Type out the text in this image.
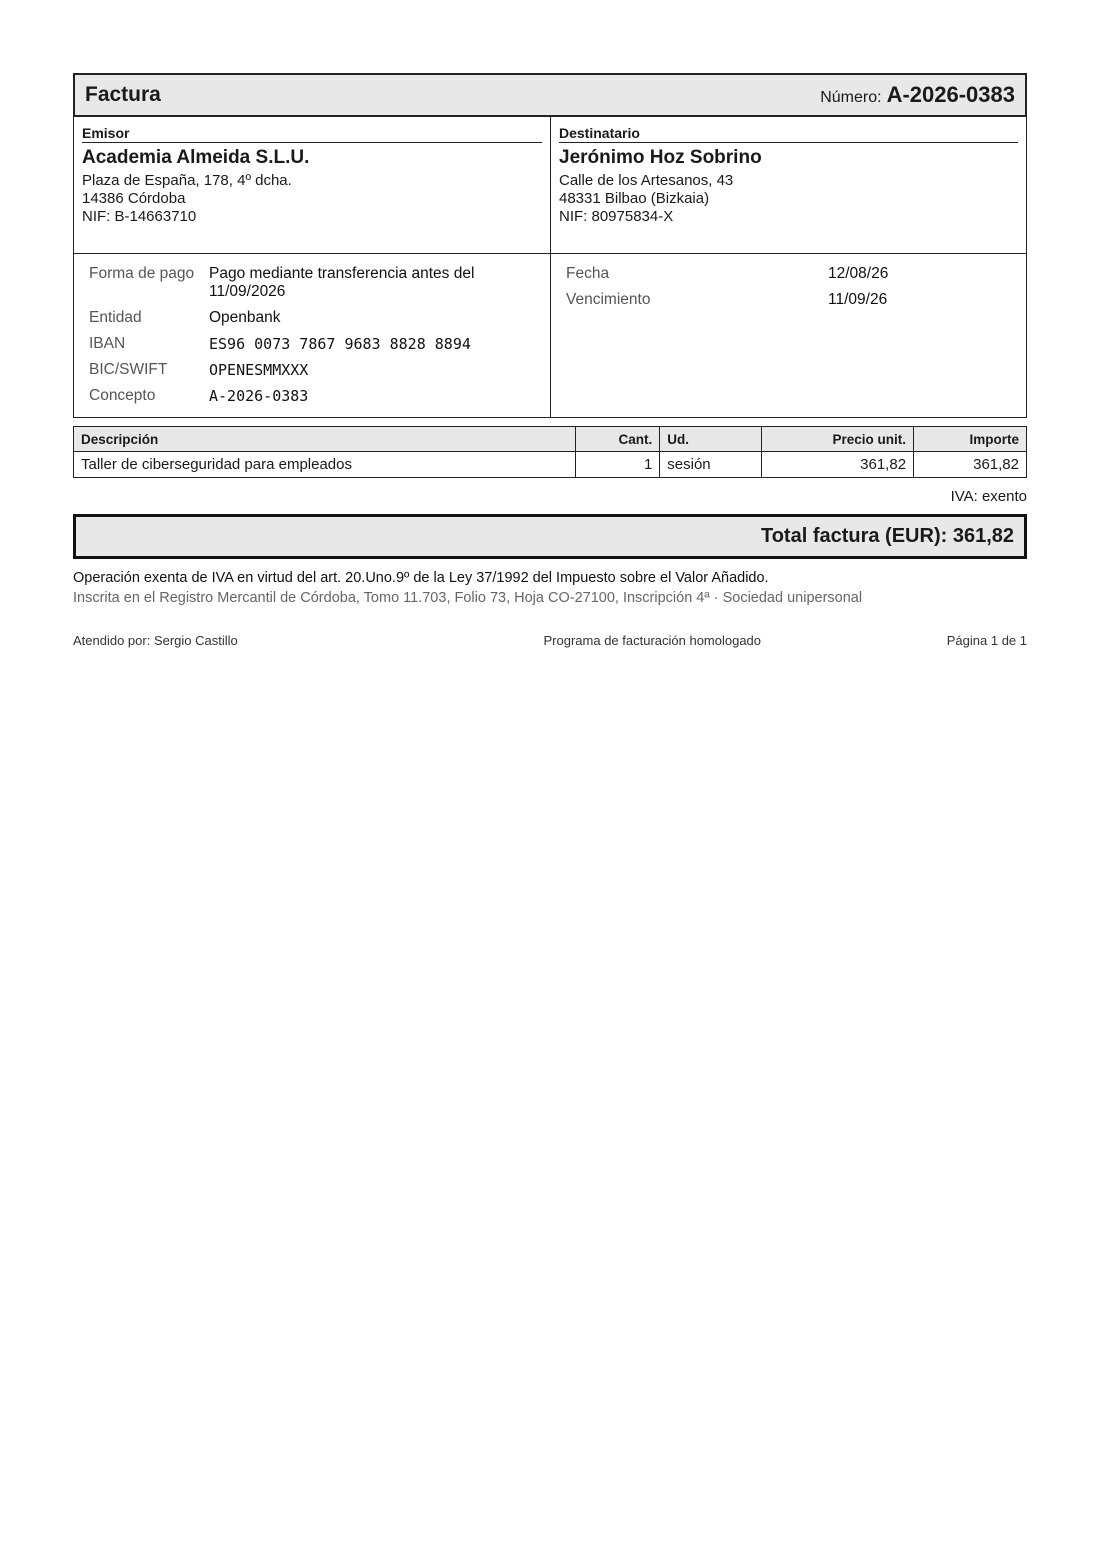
Factura	Número: A-2026-0383
Emisor
Academia Almeida S.L.U.
Plaza de España, 178, 4º dcha.
14386 Córdoba
NIF: B-14663710
Destinatario
Jerónimo Hoz Sobrino
Calle de los Artesanos, 43
48331 Bilbao (Bizkaia)
NIF: 80975834-X
Forma de pago Pago mediante transferencia antes del 11/09/2026
Entidad	Openbank
IBAN	ES96 0073 7867 9683 8828 8894
BIC/SWIFT	OPENESMMXXX
Concepto	A-2026-0383
Fecha	12/08/26
Vencimiento	11/09/26
Descripción	Cant.	Ud.	Precio unit.	Importe
Taller de ciberseguridad para empleados	1	sesión	361,82	361,82
IVA: exento
Total factura (EUR): 361,82
Operación exenta de IVA en virtud del art. 20.Uno.9º de la Ley 37/1992 del Impuesto sobre el Valor Añadido.
Inscrita en el Registro Mercantil de Córdoba, Tomo 11.703, Folio 73, Hoja CO-27100, Inscripción 4ª · Sociedad unipersonal
Atendido por: Sergio Castillo	Programa de facturación homologado	Página 1 de 1
